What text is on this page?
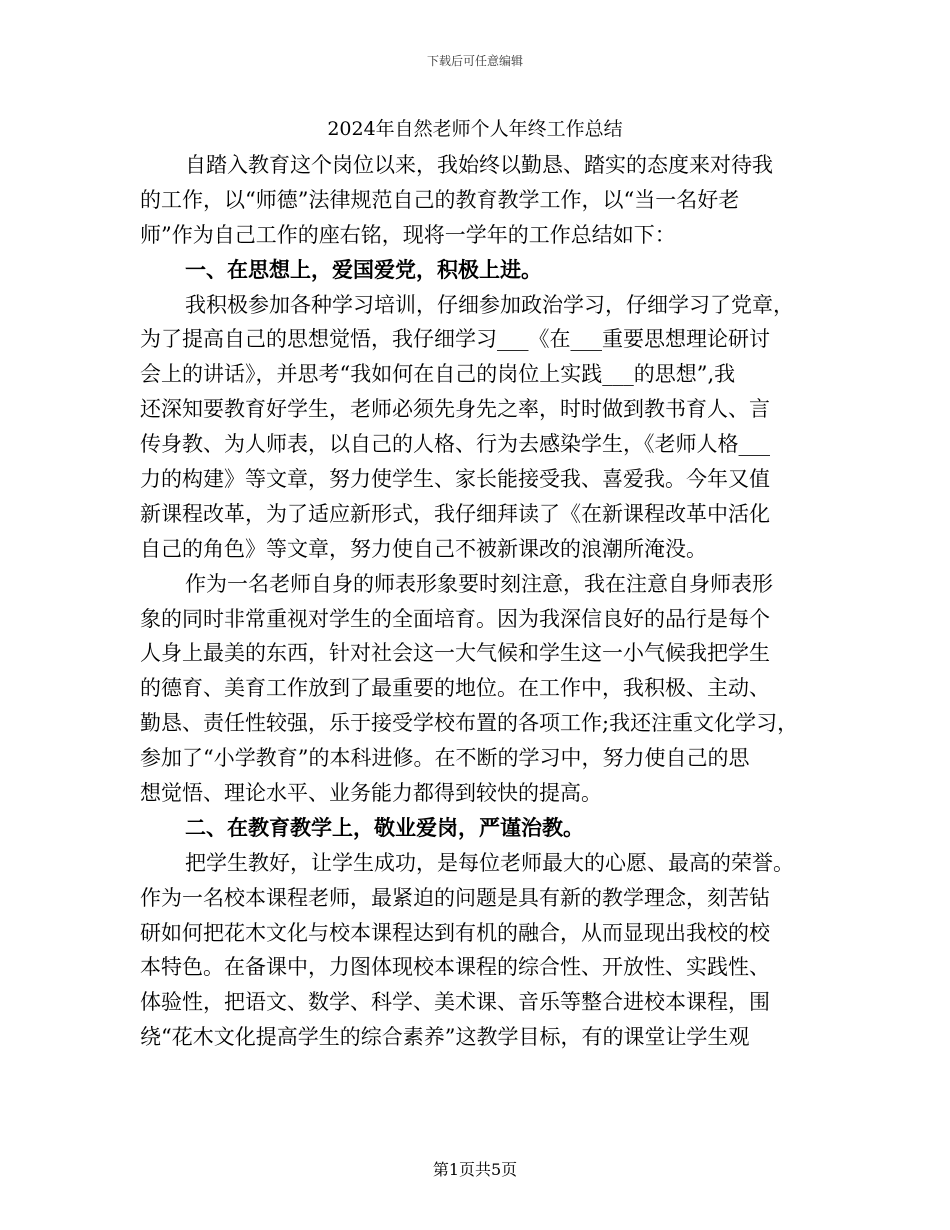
下载后可任意编辑
2024年自然老师个人年终工作总结
自踏入教育这个岗位以来，我始终以勤恳、踏实的态度来对待我
的工作，以“师德”法律规范自己的教育教学工作，以“当一名好老
师”作为自己工作的座右铭，现将一学年的工作总结如下：
一、在思想上，爱国爱党，积极上进。
我积极参加各种学习培训，仔细参加政治学习，仔细学习了党章，
为了提高自己的思想觉悟，我仔细学习___《在___重要思想理论研讨
会上的讲话》，并思考“我如何在自己的岗位上实践___的思想”,我
还深知要教育好学生，老师必须先身先之率，时时做到教书育人、言
传身教、为人师表，以自己的人格、行为去感染学生，《老师人格___
力的构建》等文章，努力使学生、家长能接受我、喜爱我。今年又值
新课程改革，为了适应新形式，我仔细拜读了《在新课程改革中活化
自己的角色》等文章，努力使自己不被新课改的浪潮所淹没。
作为一名老师自身的师表形象要时刻注意，我在注意自身师表形
象的同时非常重视对学生的全面培育。因为我深信良好的品行是每个
人身上最美的东西，针对社会这一大气候和学生这一小气候我把学生
的德育、美育工作放到了最重要的地位。在工作中，我积极、主动、
勤恳、责任性较强，乐于接受学校布置的各项工作;我还注重文化学习，
参加了“小学教育”的本科进修。在不断的学习中，努力使自己的思
想觉悟、理论水平、业务能力都得到较快的提高。
二、在教育教学上，敬业爱岗，严谨治教。
把学生教好，让学生成功，是每位老师最大的心愿、最高的荣誉。
作为一名校本课程老师，最紧迫的问题是具有新的教学理念，刻苦钻
研如何把花木文化与校本课程达到有机的融合，从而显现出我校的校
本特色。在备课中，力图体现校本课程的综合性、开放性、实践性、
体验性，把语文、数学、科学、美术课、音乐等整合进校本课程，围
绕“花木文化提高学生的综合素养”这教学目标，有的课堂让学生观
第1页共5页
